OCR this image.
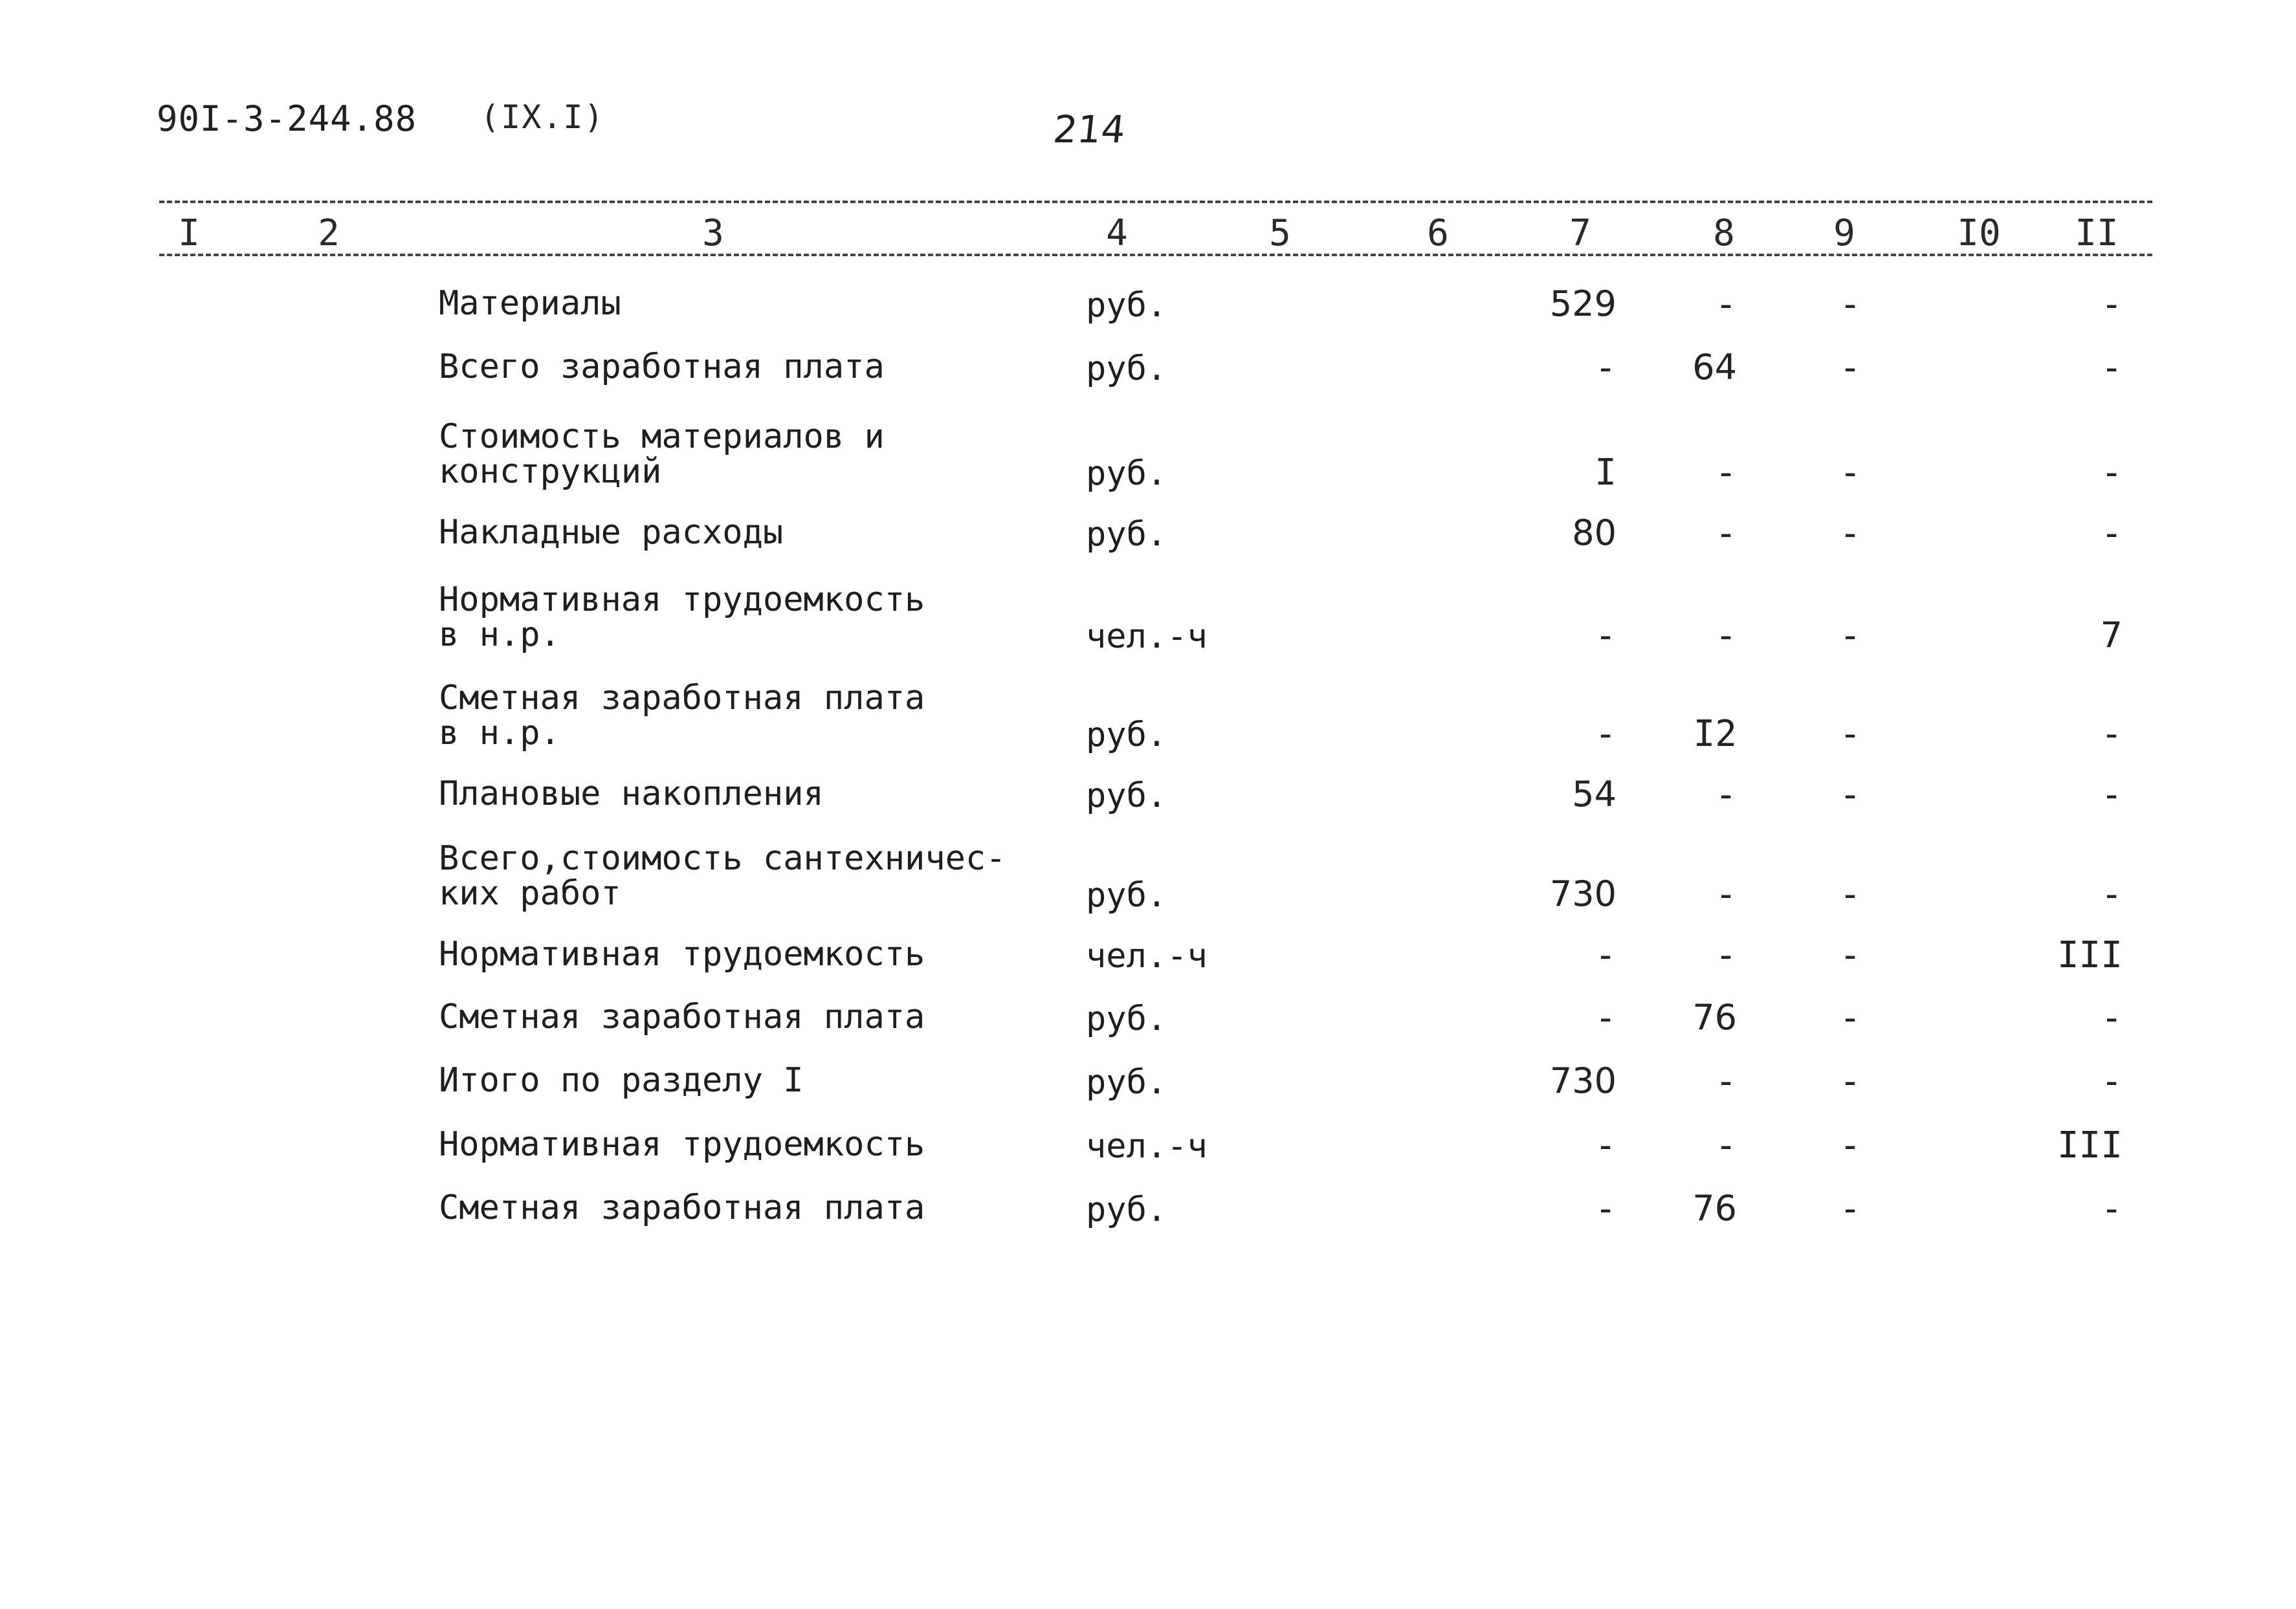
90I-3-244.88 (IX.I)	214
I	2	3	4	5	6	7	8	9	I0 II
Материалы	руб.	529	-	-	-
Всего заработная плата	руб.	-	64	-	-
Стоимость материалов и
конструкций	руб.	I	-	-	-
Накладные расходы	руб.	80	-	-	-
Нормативная трудоемкость
в н.р.	чел.-ч	-	-	-	7
Сметная заработная плата
в н.р.	руб.	-	I2	-	-
Плановые накопления	руб.	54	-	-	-
Всего,стоимость сантехничес-
ких работ	руб.	730	-	-	-
Нормативная трудоемкость	чел.-ч	-	-	-	III
Сметная заработная плата	руб.	-	76	-	-
Итого по разделу I	руб.	730	-	-	-
Нормативная трудоемкость	чел.-ч	-	-	-	III
Сметная заработная плата	руб.	-	76	-	-
